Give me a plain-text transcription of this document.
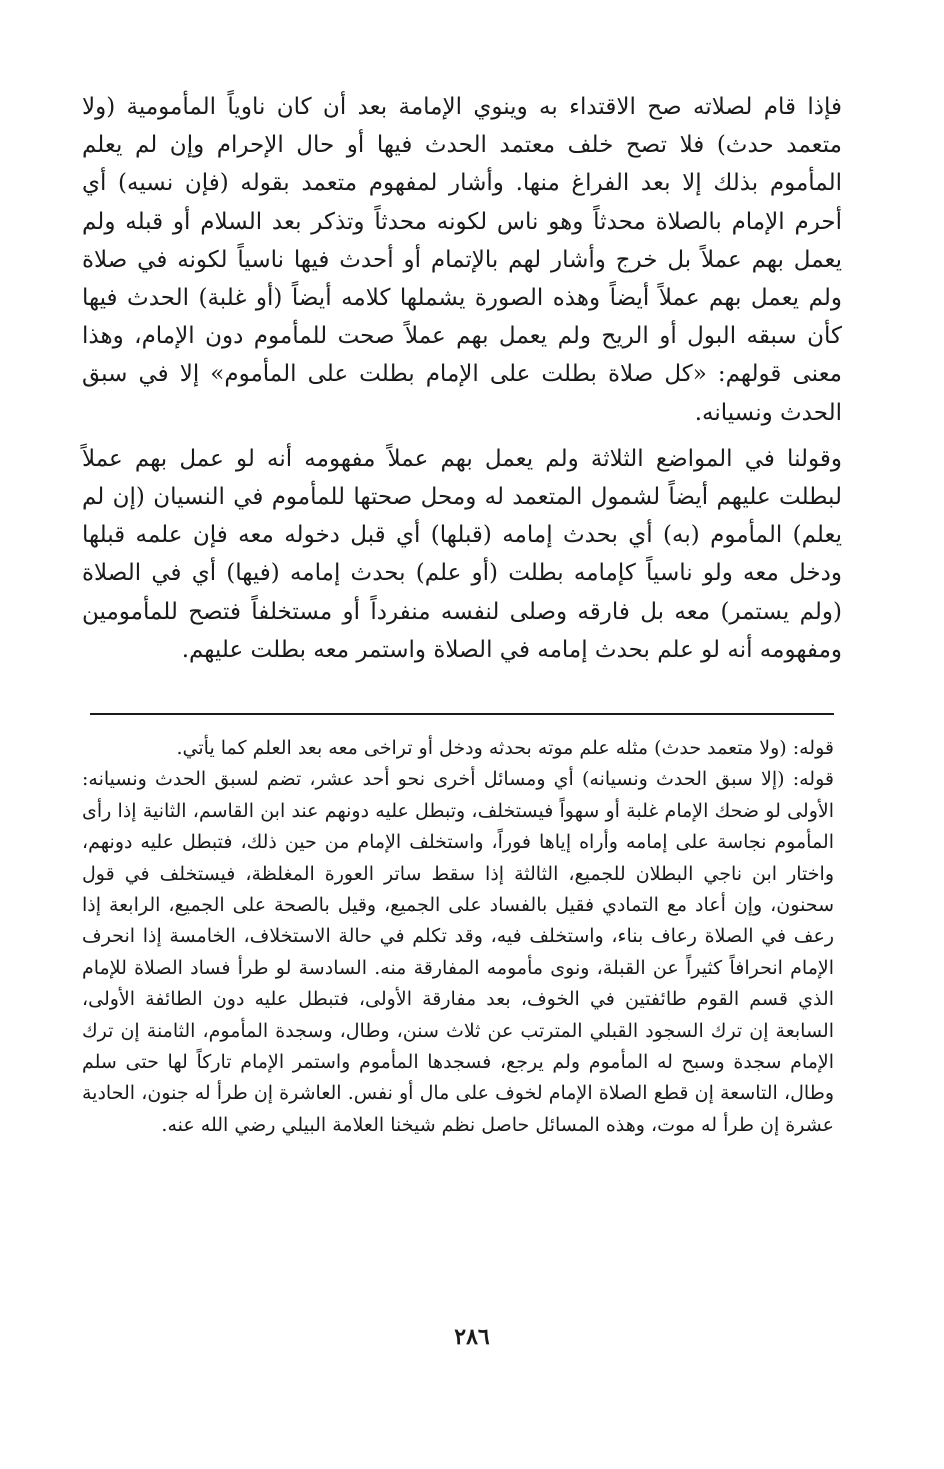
فإذا قام لصلاته صح الاقتداء به وينوي الإمامة بعد أن كان ناوياً المأمومية (ولا متعمد حدث) فلا تصح خلف معتمد الحدث فيها أو حال الإحرام وإن لم يعلم المأموم بذلك إلا بعد الفراغ منها. وأشار لمفهوم متعمد بقوله (فإن نسيه) أي أحرم الإمام بالصلاة محدثاً وهو ناس لكونه محدثاً وتذكر بعد السلام أو قبله ولم يعمل بهم عملاً بل خرج وأشار لهم بالإتمام أو أحدث فيها ناسياً لكونه في صلاة ولم يعمل بهم عملاً أيضاً وهذه الصورة يشملها كلامه أيضاً (أو غلبة) الحدث فيها كأن سبقه البول أو الريح ولم يعمل بهم عملاً صحت للمأموم دون الإمام، وهذا معنى قولهم: «كل صلاة بطلت على الإمام بطلت على المأموم» إلا في سبق الحدث ونسيانه.

وقولنا في المواضع الثلاثة ولم يعمل بهم عملاً مفهومه أنه لو عمل بهم عملاً لبطلت عليهم أيضاً لشمول المتعمد له ومحل صحتها للمأموم في النسيان (إن لم يعلم) المأموم (به) أي بحدث إمامه (قبلها) أي قبل دخوله معه فإن علمه قبلها ودخل معه ولو ناسياً كإمامه بطلت (أو علم) بحدث إمامه (فيها) أي في الصلاة (ولم يستمر) معه بل فارقه وصلى لنفسه منفرداً أو مستخلفاً فتصح للمأمومين ومفهومه أنه لو علم بحدث إمامه في الصلاة واستمر معه بطلت عليهم.

قوله: (ولا متعمد حدث) مثله علم موته بحدثه ودخل أو تراخى معه بعد العلم كما يأتي.

قوله: (إلا سبق الحدث ونسيانه) أي ومسائل أخرى نحو أحد عشر، تضم لسبق الحدث ونسيانه: الأولى لو ضحك الإمام غلبة أو سهواً فيستخلف، وتبطل عليه دونهم عند ابن القاسم، الثانية إذا رأى المأموم نجاسة على إمامه وأراه إياها فوراً، واستخلف الإمام من حين ذلك، فتبطل عليه دونهم، واختار ابن ناجي البطلان للجميع، الثالثة إذا سقط ساتر العورة المغلظة، فيستخلف في قول سحنون، وإن أعاد مع التمادي فقيل بالفساد على الجميع، وقيل بالصحة على الجميع، الرابعة إذا رعف في الصلاة رعاف بناء، واستخلف فيه، وقد تكلم في حالة الاستخلاف، الخامسة إذا انحرف الإمام انحرافاً كثيراً عن القبلة، ونوى مأمومه المفارقة منه. السادسة لو طرأ فساد الصلاة للإمام الذي قسم القوم طائفتين في الخوف، بعد مفارقة الأولى، فتبطل عليه دون الطائفة الأولى، السابعة إن ترك السجود القبلي المترتب عن ثلاث سنن، وطال، وسجدة المأموم، الثامنة إن ترك الإمام سجدة وسبح له المأموم ولم يرجع، فسجدها المأموم واستمر الإمام تاركاً لها حتى سلم وطال، التاسعة إن قطع الصلاة الإمام لخوف على مال أو نفس. العاشرة إن طرأ له جنون، الحادية عشرة إن طرأ له موت، وهذه المسائل حاصل نظم شيخنا العلامة البيلي رضي الله عنه.

٢٨٦
